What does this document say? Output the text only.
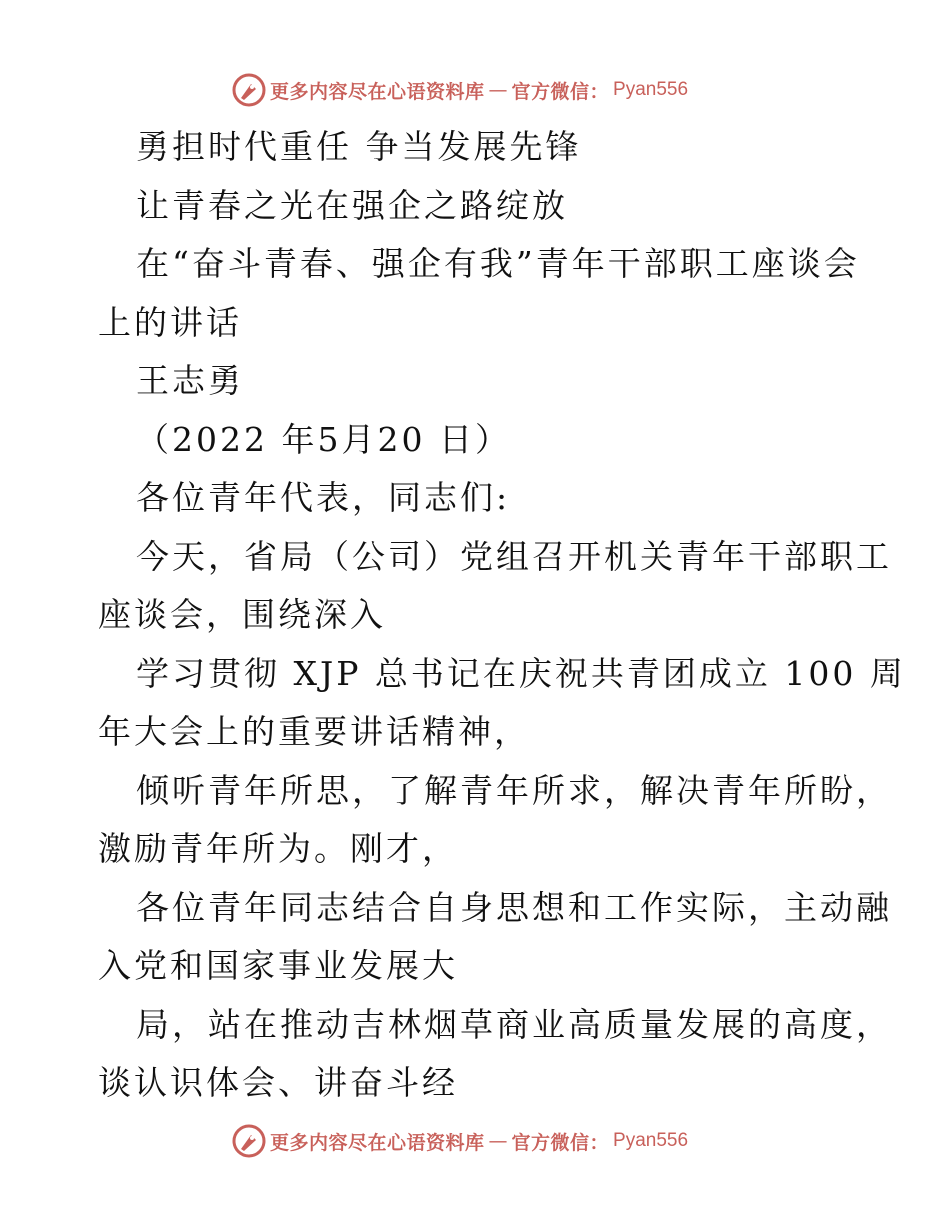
更多内容尽在心语资料库 — 官方微信： Pyan556
勇担时代重任 争当发展先锋
让青春之光在强企之路绽放
在“奋斗青春、强企有我”青年干部职工座谈会
上的讲话
王志勇
（2022 年5月20 日）
各位青年代表，同志们:
今天，省局（公司）党组召开机关青年干部职工
座谈会，围绕深入
学习贯彻 XJP 总书记在庆祝共青团成立 100 周
年大会上的重要讲话精神，
倾听青年所思，了解青年所求，解决青年所盼，
激励青年所为。刚才，
各位青年同志结合自身思想和工作实际，主动融
入党和国家事业发展大
局，站在推动吉林烟草商业高质量发展的高度，
谈认识体会、讲奋斗经
更多内容尽在心语资料库 — 官方微信： Pyan556
